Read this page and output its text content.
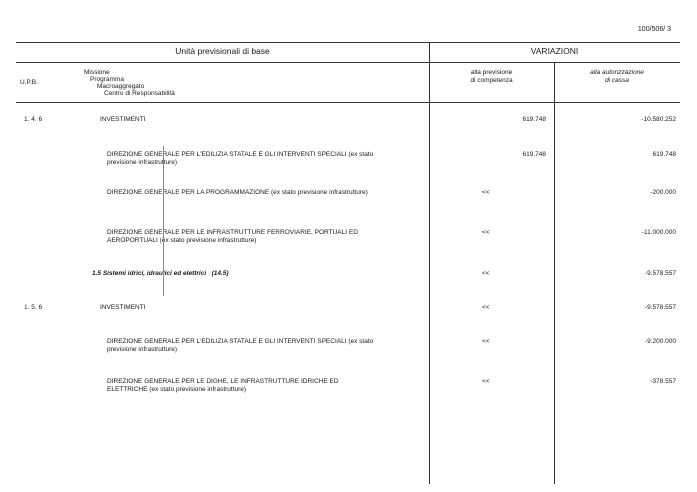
100/506/ 3
Unità previsionali di base	VARIAZIONI
U.P.B.
Missione
Programma
Macroaggregato
Centro di Responsabilità
alla previsione
di competenza
alla autorizzazione
di cassa
1. 4. 6	INVESTIMENTI	619.748	-10.580.252
DIREZIONE GENERALE PER L'EDILIZIA STATALE E GLI INTERVENTI SPECIALI (ex stato
previsione infrastrutture)
619.748	619.748
DIREZIONE GENERALE PER LA PROGRAMMAZIONE (ex stato previsione infrastrutture)	<<	-200.000
DIREZIONE GENERALE PER LE INFRASTRUTTURE FERROVIARIE, PORTUALI ED
AEROPORTUALI (ex stato previsione infrastrutture)
<<	-11.000.000
1.5 Sistemi idrici, idraulici ed elettrici   (14.5)	<<	-9.578.557
1. 5. 6	INVESTIMENTI	<<	-9.578.557
DIREZIONE GENERALE PER L'EDILIZIA STATALE E GLI INTERVENTI SPECIALI (ex stato
previsione infrastrutture)
<<	-9.200.000
DIREZIONE GENERALE PER LE DIGHE, LE INFRASTRUTTURE IDRICHE ED
ELETTRICHE (ex stato previsione infrastrutture)
<<	-378.557
